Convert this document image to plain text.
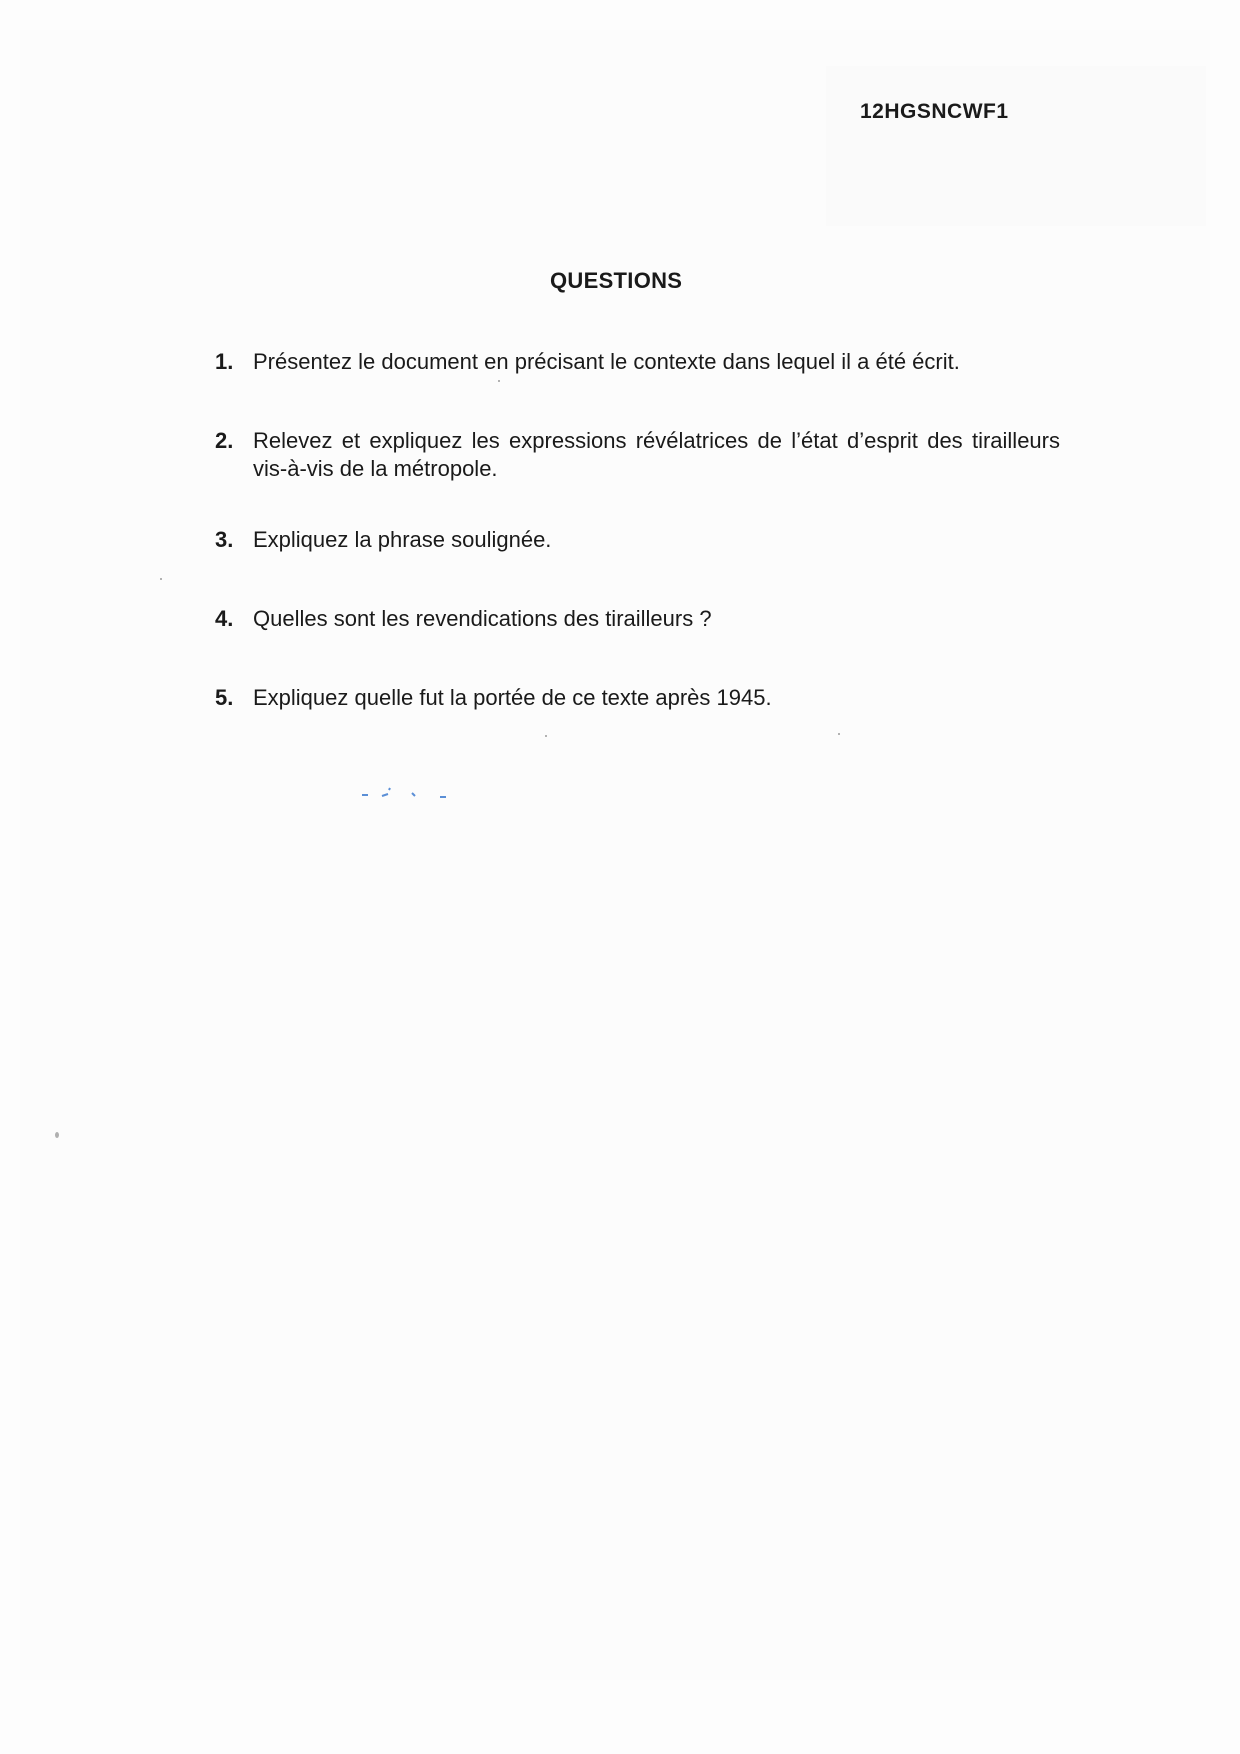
12HGSNCWF1
QUESTIONS
1. Présentez le document en précisant le contexte dans lequel il a été écrit.
2. Relevez et expliquez les expressions révélatrices de l’état d’esprit des tirailleurs vis-à-vis de la métropole.
3. Expliquez la phrase soulignée.
4. Quelles sont les revendications des tirailleurs ?
5. Expliquez quelle fut la portée de ce texte après 1945.
